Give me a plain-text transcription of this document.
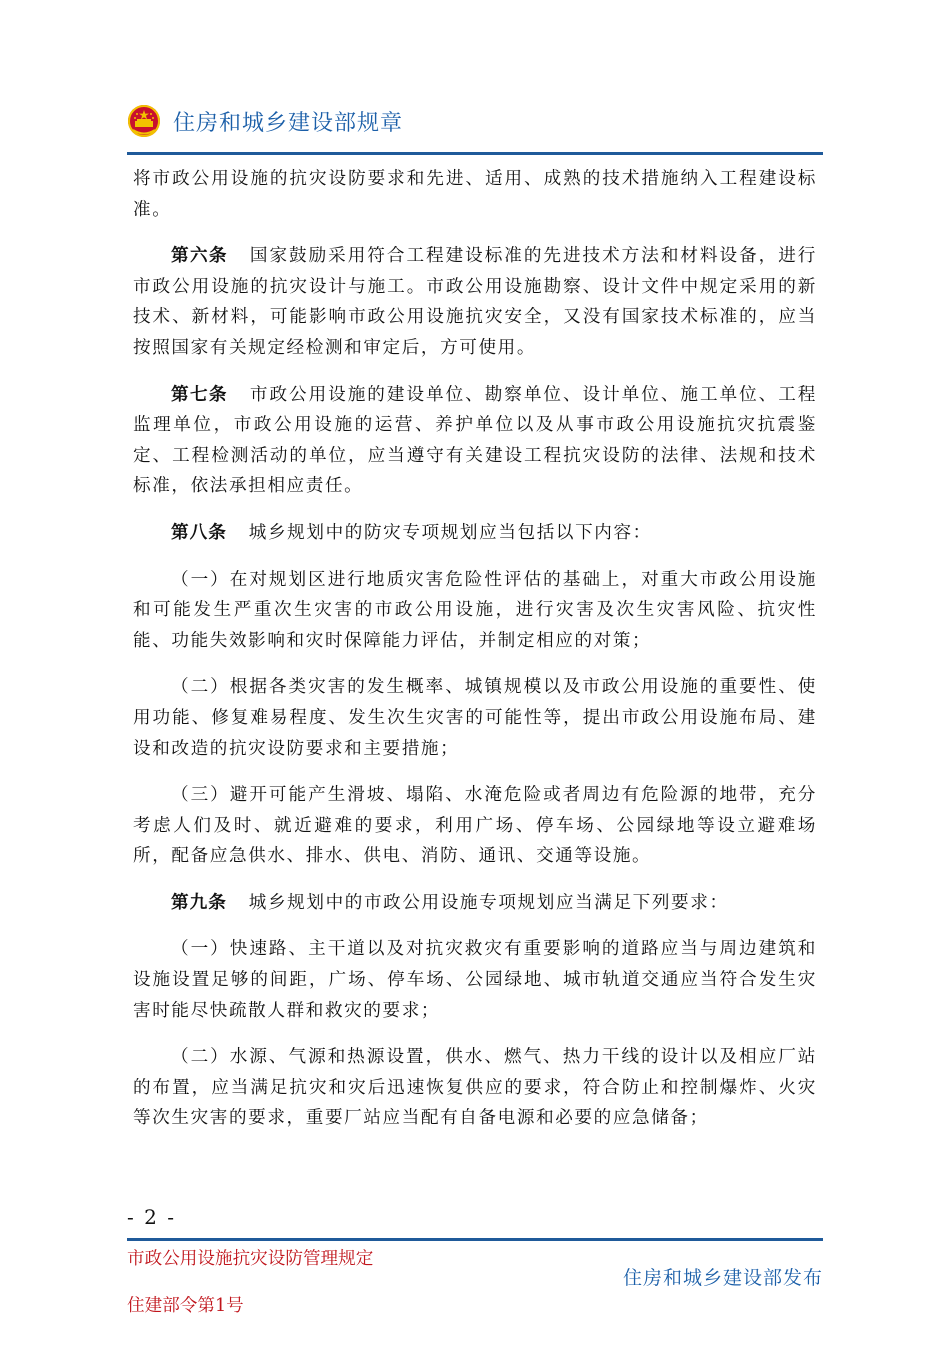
住房和城乡建设部规章

将市政公用设施的抗灾设防要求和先进、适用、成熟的技术措施纳入工程建设标准。

第六条 国家鼓励采用符合工程建设标准的先进技术方法和材料设备，进行市政公用设施的抗灾设计与施工。市政公用设施勘察、设计文件中规定采用的新技术、新材料，可能影响市政公用设施抗灾安全，又没有国家技术标准的，应当按照国家有关规定经检测和审定后，方可使用。

第七条 市政公用设施的建设单位、勘察单位、设计单位、施工单位、工程监理单位，市政公用设施的运营、养护单位以及从事市政公用设施抗灾抗震鉴定、工程检测活动的单位，应当遵守有关建设工程抗灾设防的法律、法规和技术标准，依法承担相应责任。

第八条 城乡规划中的防灾专项规划应当包括以下内容：

（一）在对规划区进行地质灾害危险性评估的基础上，对重大市政公用设施和可能发生严重次生灾害的市政公用设施，进行灾害及次生灾害风险、抗灾性能、功能失效影响和灾时保障能力评估，并制定相应的对策；

（二）根据各类灾害的发生概率、城镇规模以及市政公用设施的重要性、使用功能、修复难易程度、发生次生灾害的可能性等，提出市政公用设施布局、建设和改造的抗灾设防要求和主要措施；

（三）避开可能产生滑坡、塌陷、水淹危险或者周边有危险源的地带，充分考虑人们及时、就近避难的要求，利用广场、停车场、公园绿地等设立避难场所，配备应急供水、排水、供电、消防、通讯、交通等设施。

第九条 城乡规划中的市政公用设施专项规划应当满足下列要求：

（一）快速路、主干道以及对抗灾救灾有重要影响的道路应当与周边建筑和设施设置足够的间距，广场、停车场、公园绿地、城市轨道交通应当符合发生灾害时能尽快疏散人群和救灾的要求；

（二）水源、气源和热源设置，供水、燃气、热力干线的设计以及相应厂站的布置，应当满足抗灾和灾后迅速恢复供应的要求，符合防止和控制爆炸、火灾等次生灾害的要求，重要厂站应当配有自备电源和必要的应急储备；

- 2 -
市政公用设施抗灾设防管理规定
住建部令第1号
住房和城乡建设部发布
